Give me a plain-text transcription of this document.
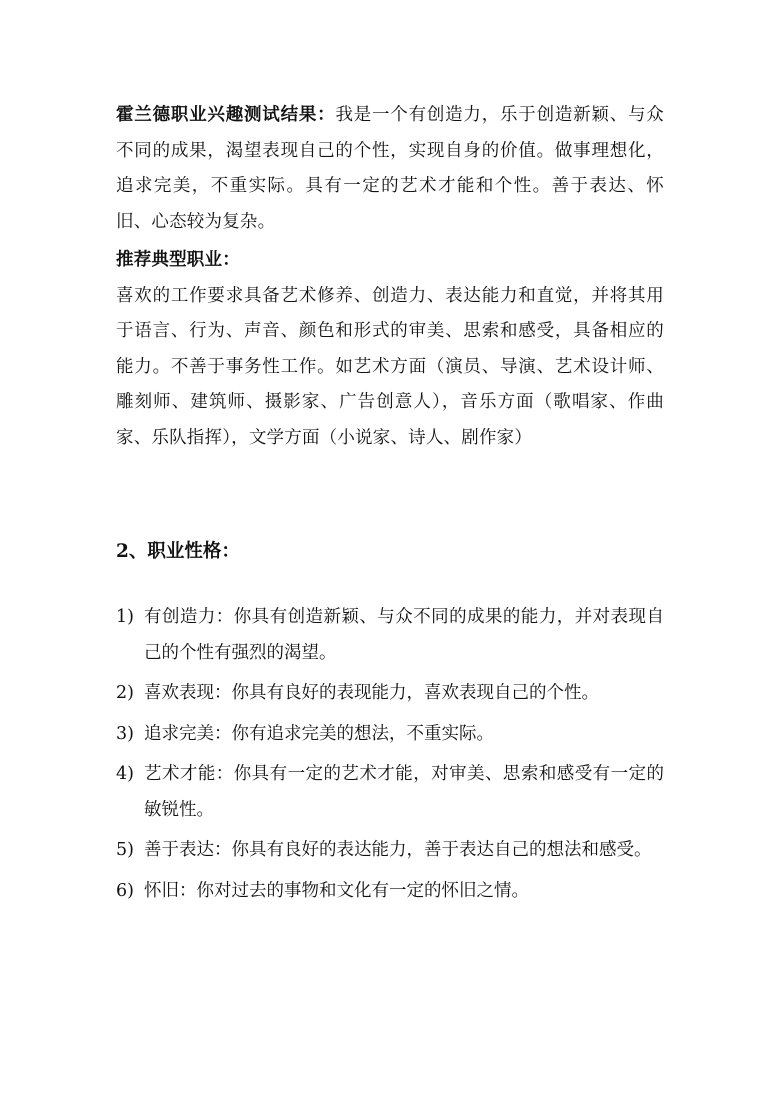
霍兰德职业兴趣测试结果：我是一个有创造力，乐于创造新颖、与众不同的成果，渴望表现自己的个性，实现自身的价值。做事理想化，追求完美，不重实际。具有一定的艺术才能和个性。善于表达、怀旧、心态较为复杂。

推荐典型职业：

喜欢的工作要求具备艺术修养、创造力、表达能力和直觉，并将其用于语言、行为、声音、颜色和形式的审美、思索和感受，具备相应的能力。不善于事务性工作。如艺术方面（演员、导演、艺术设计师、雕刻师、建筑师、摄影家、广告创意人），音乐方面（歌唱家、作曲家、乐队指挥），文学方面（小说家、诗人、剧作家）

2、职业性格：

1) 有创造力：你具有创造新颖、与众不同的成果的能力，并对表现自己的个性有强烈的渴望。
2) 喜欢表现：你具有良好的表现能力，喜欢表现自己的个性。
3) 追求完美：你有追求完美的想法，不重实际。
4) 艺术才能：你具有一定的艺术才能，对审美、思索和感受有一定的敏锐性。
5) 善于表达：你具有良好的表达能力，善于表达自己的想法和感受。
6) 怀旧：你对过去的事物和文化有一定的怀旧之情。
